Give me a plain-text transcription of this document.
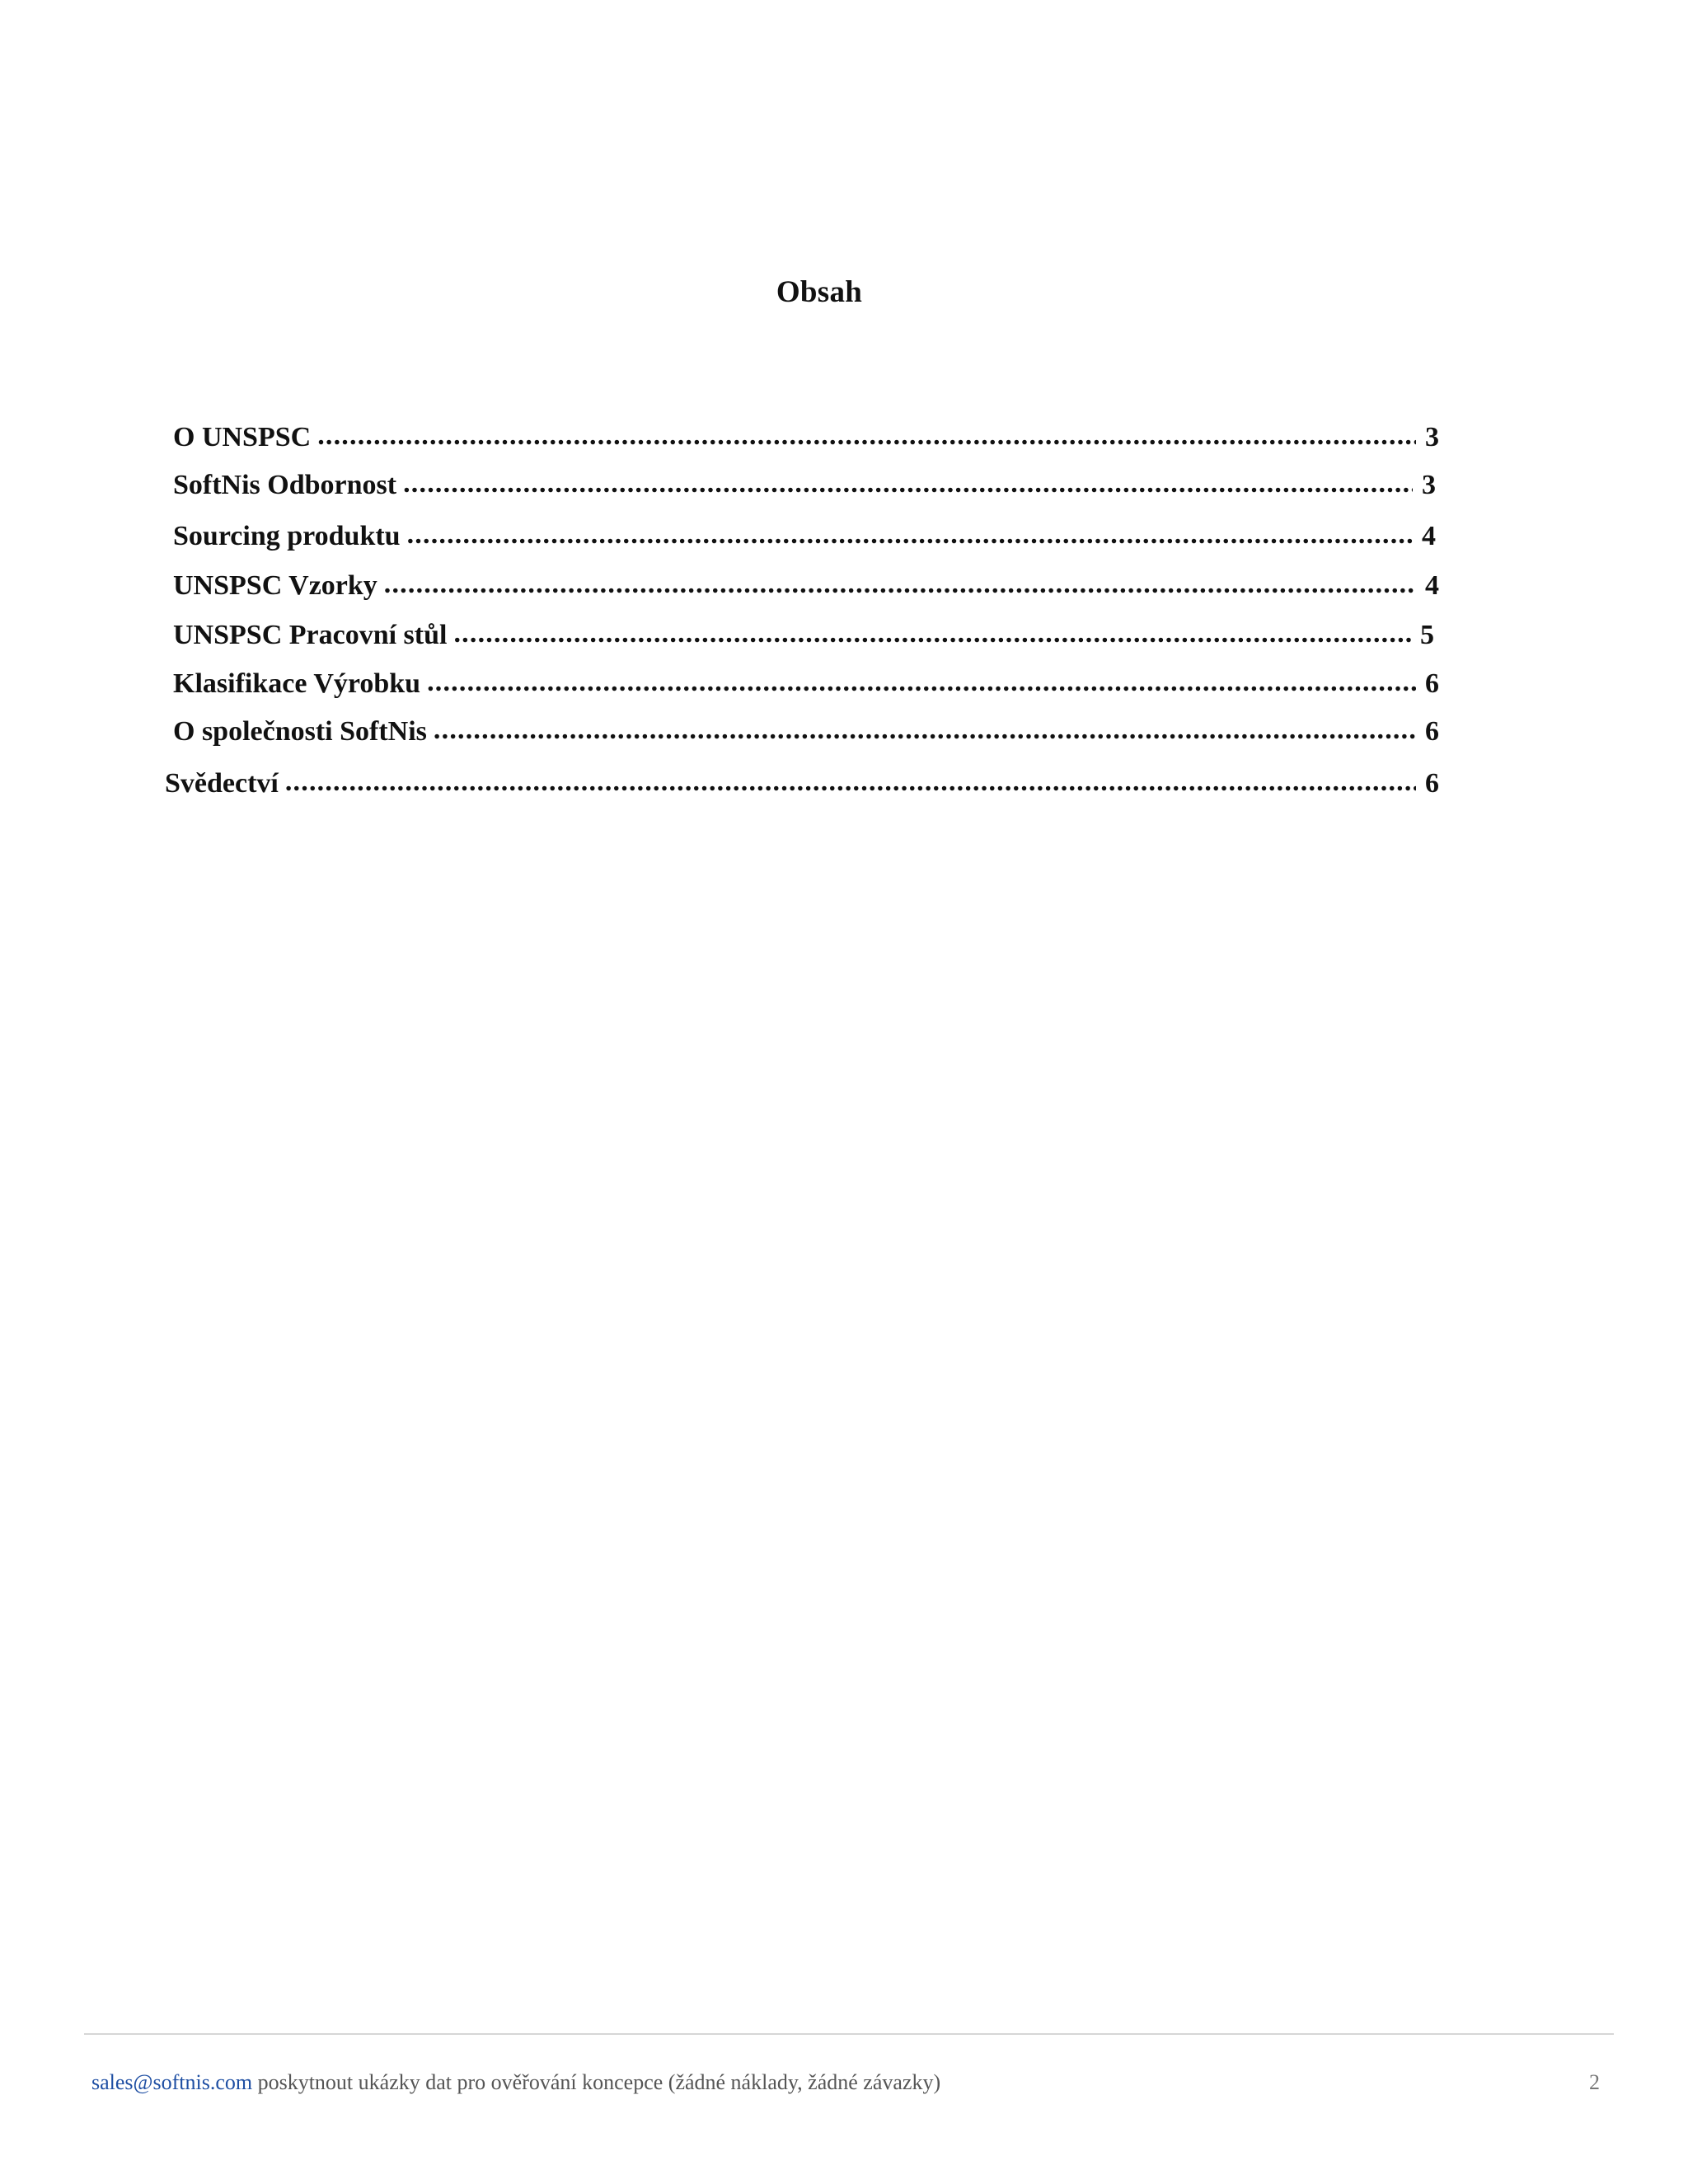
Obsah
O UNSPSC .....	3
SoftNis Odbornost .....	3
Sourcing produktu .....	4
UNSPSC Vzorky .....	4
UNSPSC Pracovní stůl .....	5
Klasifikace Výrobku .....	6
O společnosti SoftNis .....	6
Svědectví .....	6
sales@softnis.com poskytnout ukázky dat pro ověřování koncepce (žádné náklady, žádné závazky)	2
